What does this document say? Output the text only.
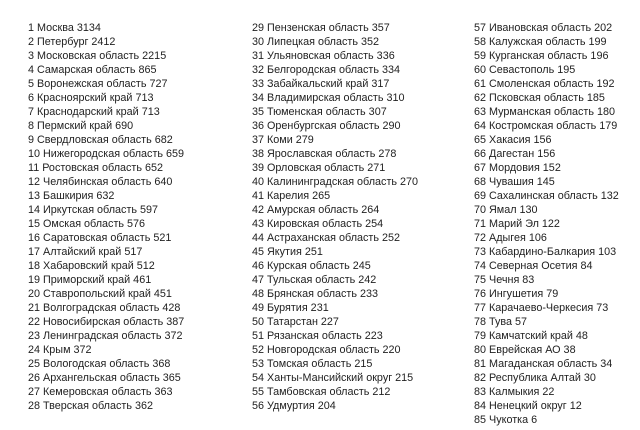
1 Москва 3134
2 Петербург 2412
3 Московская область 2215
4 Самарская область 865
5 Воронежская область 727
6 Красноярский край 713
7 Краснодарский край 713
8 Пермский край 690
9 Свердловская область 682
10 Нижегородская область 659
11 Ростовская область 652
12 Челябинская область 640
13 Башкирия 632
14 Иркутская область 597
15 Омская область 576
16 Саратовская область 521
17 Алтайский край 517
18 Хабаровский край 512
19 Приморский край 461
20 Ставропольский край 451
21 Волгоградская область 428
22 Новосибирская область 387
23 Ленинградская область 372
24 Крым 372
25 Вологодская область 368
26 Архангельская область 365
27 Кемеровская область 363
28 Тверская область 362
29 Пензенская область 357
30 Липецкая область 352
31 Ульяновская область 336
32 Белгородская область 334
33 Забайкальский край 317
34 Владимирская область 310
35 Тюменская область 307
36 Оренбургская область 290
37 Коми 279
38 Ярославская область 278
39 Орловская область 271
40 Калининградская область 270
41 Карелия 265
42 Амурская область 264
43 Кировская область 254
44 Астраханская область 252
45 Якутия 251
46 Курская область 245
47 Тульская область 242
48 Брянская область 233
49 Бурятия 231
50 Татарстан 227
51 Рязанская область 223
52 Новгородская область 220
53 Томская область 215
54 Ханты-Мансийский округ 215
55 Тамбовская область 212
56 Удмуртия 204
57 Ивановская область 202
58 Калужская область 199
59 Курганская область 196
60 Севастополь 195
61 Смоленская область 192
62 Псковская область 185
63 Мурманская область 180
64 Костромская область 179
65 Хакасия 156
66 Дагестан 156
67 Мордовия 152
68 Чувашия 145
69 Сахалинская область 132
70 Ямал 130
71 Марий Эл 122
72 Адыгея 106
73 Кабардино-Балкария 103
74 Северная Осетия 84
75 Чечня 83
76 Ингушетия 79
77 Карачаево-Черкесия 73
78 Тува 57
79 Камчатский край 48
80 Еврейская АО 38
81 Магаданская область 34
82 Республика Алтай 30
83 Калмыкия 22
84 Ненецкий округ 12
85 Чукотка 6
